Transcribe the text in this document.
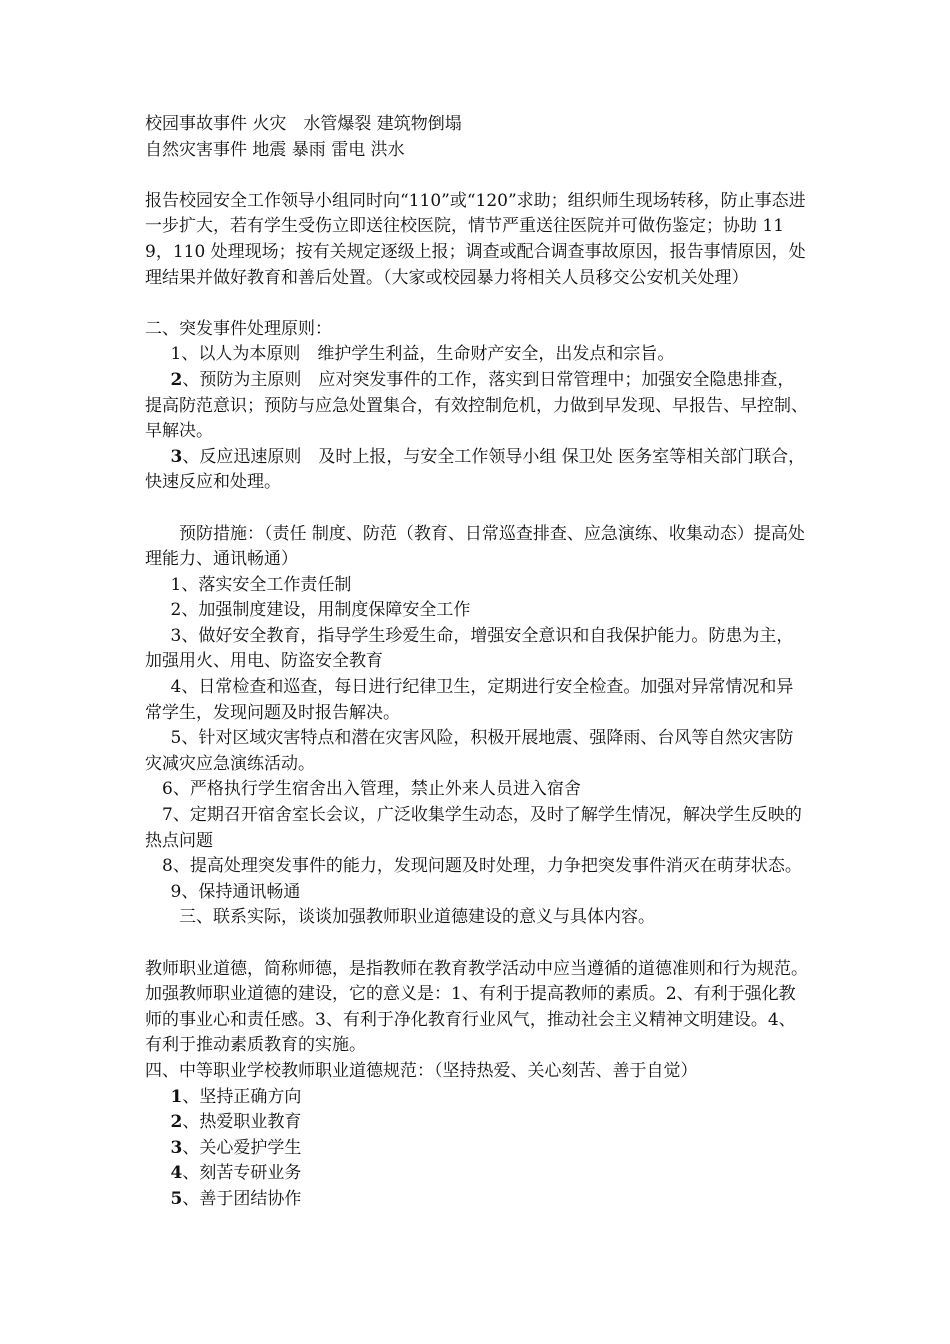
校园事故事件 火灾　水管爆裂 建筑物倒塌

自然灾害事件 地震 暴雨 雷电 洪水

报告校园安全工作领导小组同时向“110”或“120”求助；组织师生现场转移，防止事态进一步扩大，若有学生受伤立即送往校医院，情节严重送往医院并可做伤鉴定；协助 119，110 处理现场；按有关规定逐级上报；调查或配合调查事故原因，报告事情原因，处理结果并做好教育和善后处置。（大家或校园暴力将相关人员移交公安机关处理）

二、突发事件处理原则：

1、以人为本原则　维护学生利益，生命财产安全，出发点和宗旨。

2、预防为主原则　应对突发事件的工作，落实到日常管理中；加强安全隐患排查，提高防范意识；预防与应急处置集合，有效控制危机，力做到早发现、早报告、早控制、早解决。

3、反应迅速原则　及时上报，与安全工作领导小组 保卫处 医务室等相关部门联合，快速反应和处理。

预防措施：（责任 制度、防范（教育、日常巡查排查、应急演练、收集动态）提高处理能力、通讯畅通）

1、落实安全工作责任制

2、加强制度建设，用制度保障安全工作

3、做好安全教育，指导学生珍爱生命，增强安全意识和自我保护能力。防患为主，加强用火、用电、防盗安全教育

4、日常检查和巡查，每日进行纪律卫生，定期进行安全检查。加强对异常情况和异常学生，发现问题及时报告解决。

5、针对区域灾害特点和潜在灾害风险，积极开展地震、强降雨、台风等自然灾害防灾减灾应急演练活动。

6、严格执行学生宿舍出入管理，禁止外来人员进入宿舍

7、定期召开宿舍室长会议，广泛收集学生动态，及时了解学生情况，解决学生反映的热点问题

8、提高处理突发事件的能力，发现问题及时处理，力争把突发事件消灭在萌芽状态。

9、保持通讯畅通

三、联系实际，谈谈加强教师职业道德建设的意义与具体内容。

教师职业道德，简称师德，是指教师在教育教学活动中应当遵循的道德准则和行为规范。加强教师职业道德的建设，它的意义是：1、有利于提高教师的素质。2、有利于强化教师的事业心和责任感。3、有利于净化教育行业风气，推动社会主义精神文明建设。4、有利于推动素质教育的实施。

四、中等职业学校教师职业道德规范：（坚持热爱、关心刻苦、善于自觉）

1、坚持正确方向

2、热爱职业教育

3、关心爱护学生

4、刻苦专研业务

5、善于团结协作
